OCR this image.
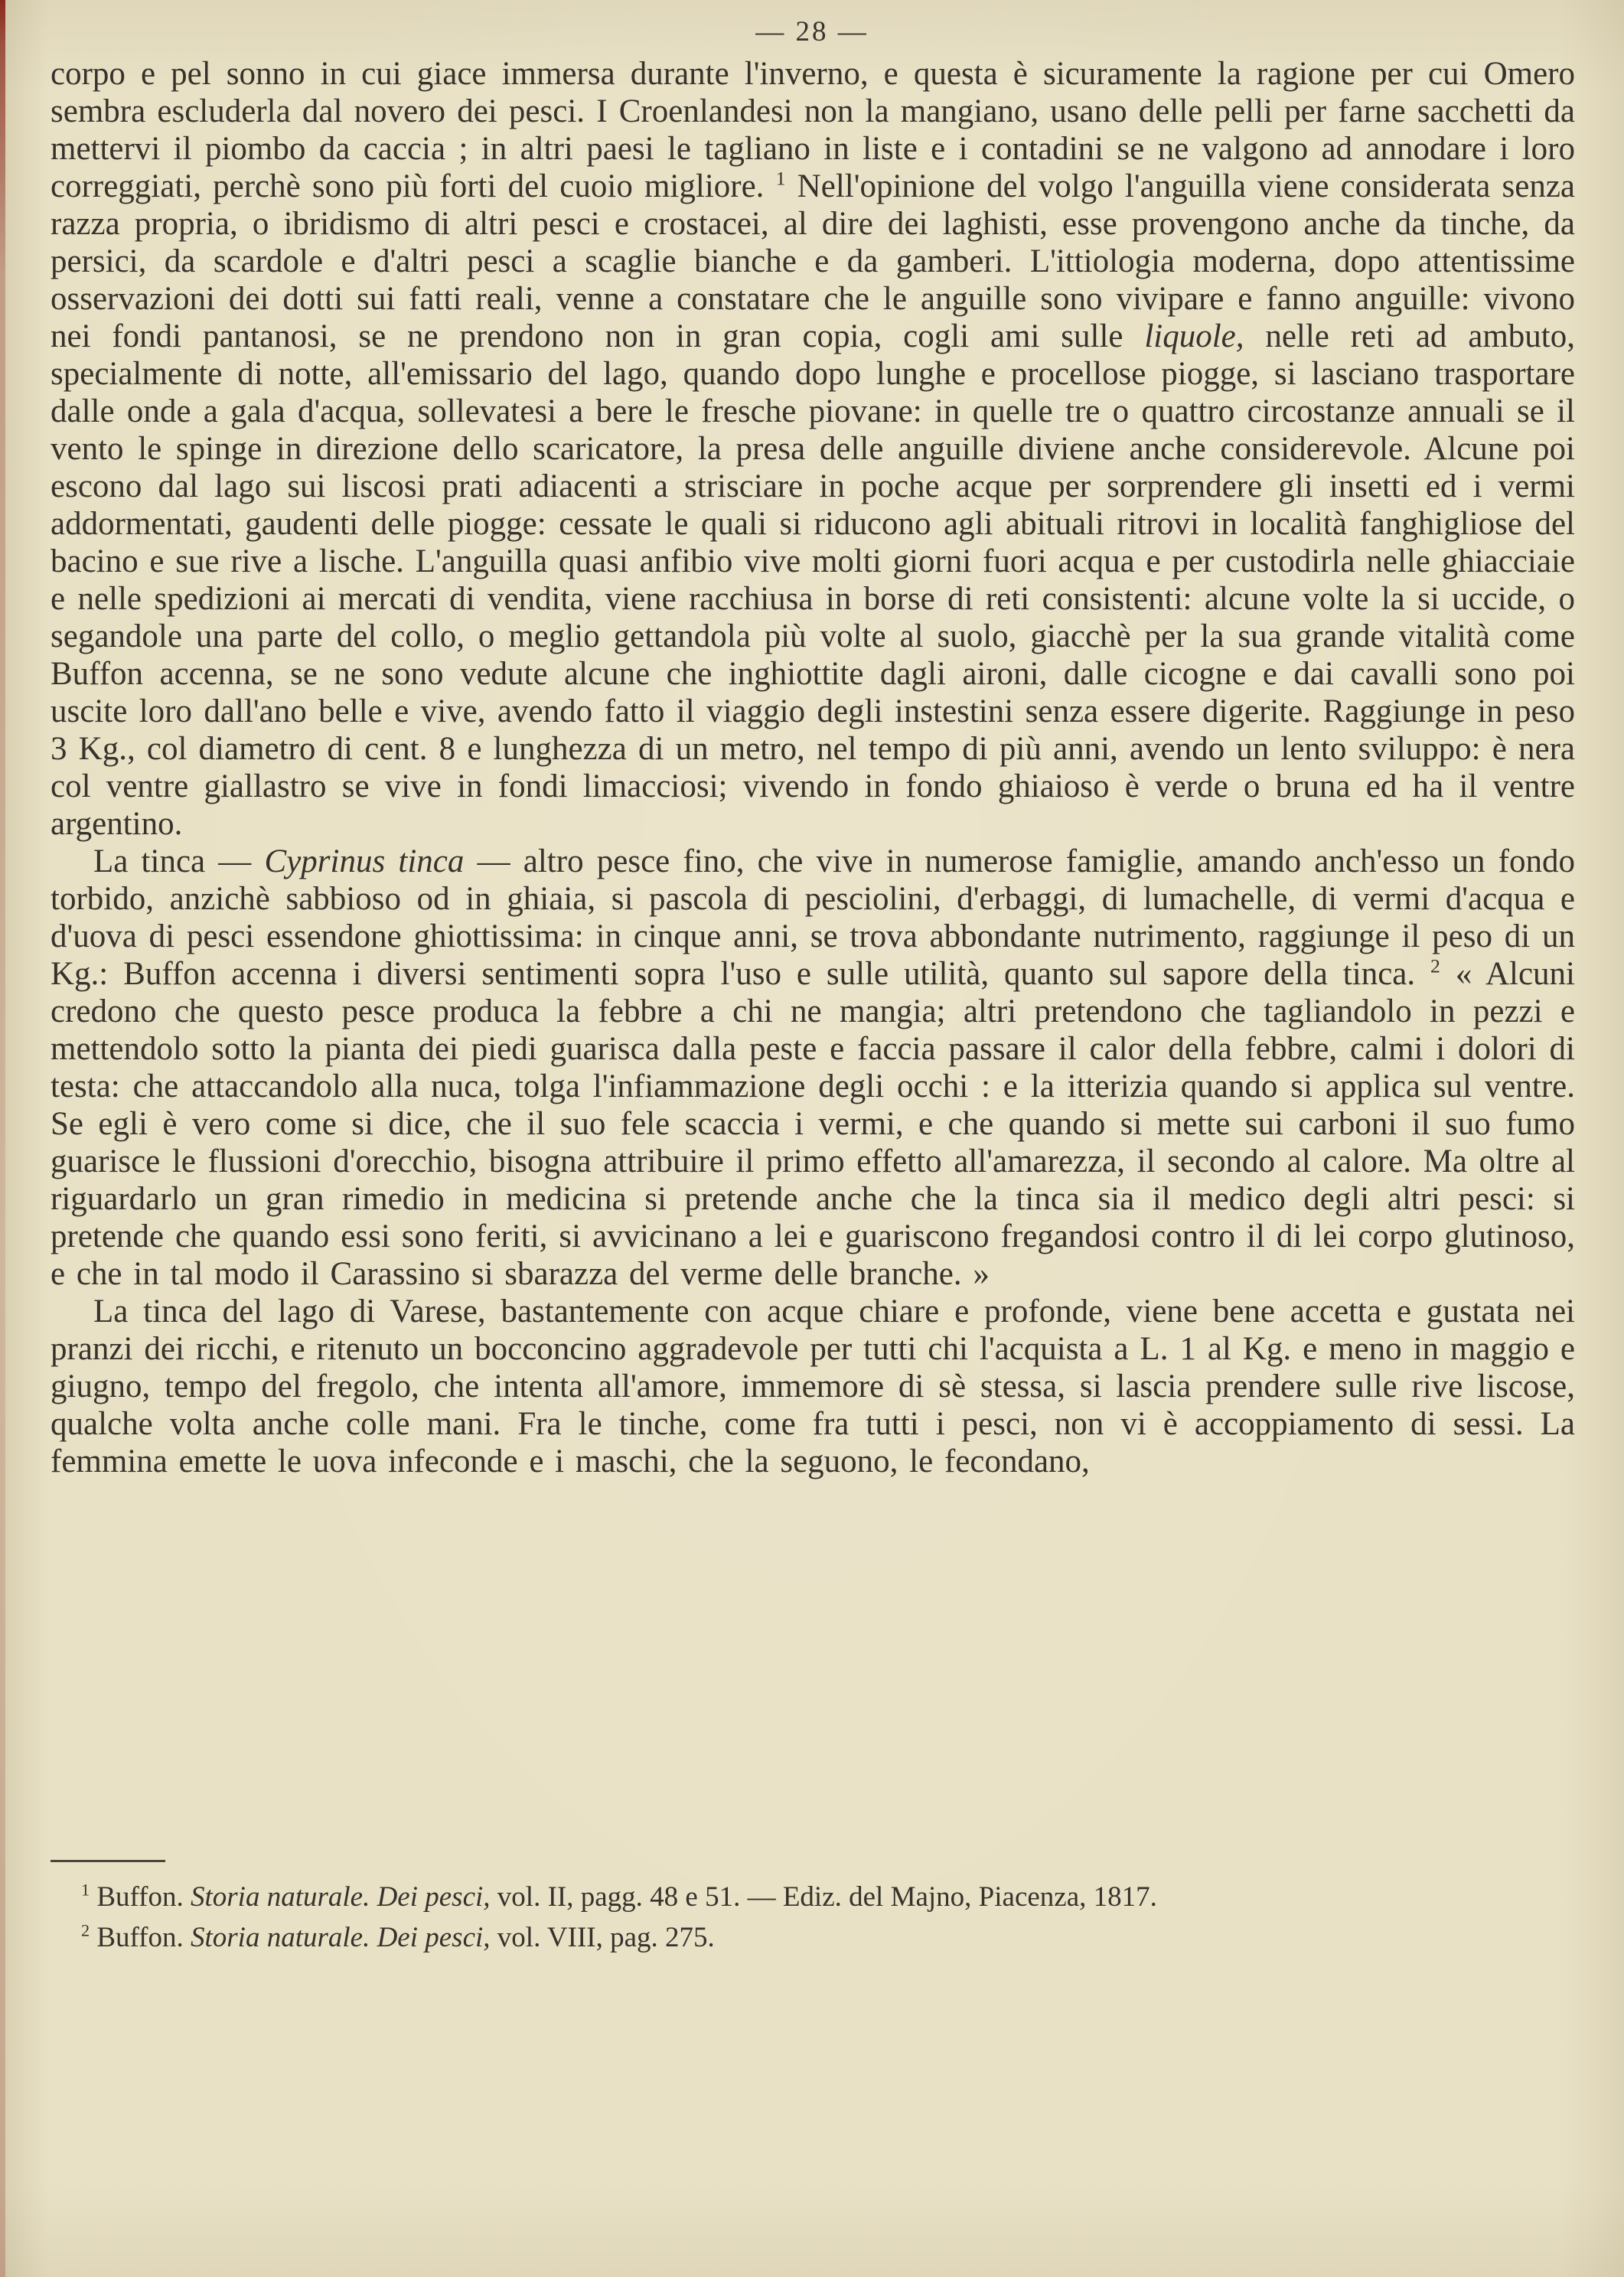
— 28 —

corpo e pel sonno in cui giace immersa durante l'inverno, e questa è sicuramente la ragione per cui Omero sembra escluderla dal novero dei pesci. I Croenlandesi non la mangiano, usano delle pelli per farne sacchetti da mettervi il piombo da caccia ; in altri paesi le tagliano in liste e i contadini se ne valgono ad annodare i loro correggiati, perchè sono più forti del cuoio migliore. $^1$ Nell'opinione del volgo l'anguilla viene considerata senza razza propria, o ibridismo di altri pesci e crostacei, al dire dei laghisti, esse provengono anche da tinche, da persici, da scardole e d'altri pesci a scaglie bianche e da gamberi. L'ittiologia moderna, dopo attentissime osservazioni dei dotti sui fatti reali, venne a constatare che le anguille sono vivipare e fanno anguille: vivono nei fondi pantanosi, se ne prendono non in gran copia, cogli ami sulle liquole, nelle reti ad ambuto, specialmente di notte, all'emissario del lago, quando dopo lunghe e procellose piogge, si lasciano trasportare dalle onde a gala d'acqua, sollevatesi a bere le fresche piovane: in quelle tre o quattro circostanze annuali se il vento le spinge in direzione dello scaricatore, la presa delle anguille diviene anche considerevole. Alcune poi escono dal lago sui liscosi prati adiacenti a strisciare in poche acque per sorprendere gli insetti ed i vermi addormentati, gaudenti delle piogge: cessate le quali si riducono agli abituali ritrovi in località fanghigliose del bacino e sue rive a lische. L'anguilla quasi anfibio vive molti giorni fuori acqua e per custodirla nelle ghiacciaie e nelle spedizioni ai mercati di vendita, viene racchiusa in borse di reti consistenti: alcune volte la si uccide, o segandole una parte del collo, o meglio gettandola più volte al suolo, giacchè per la sua grande vitalità come Buffon accenna, se ne sono vedute alcune che inghiottite dagli aironi, dalle cicogne e dai cavalli sono poi uscite loro dall'ano belle e vive, avendo fatto il viaggio degli instestini senza essere digerite. Raggiunge in peso 3 Kg., col diametro di cent. 8 e lunghezza di un metro, nel tempo di più anni, avendo un lento sviluppo: è nera col ventre giallastro se vive in fondi limacciosi; vivendo in fondo ghiaioso è verde o bruna ed ha il ventre argentino.

La tinca — Cyprinus tinca — altro pesce fino, che vive in numerose famiglie, amando anch'esso un fondo torbido, anzichè sabbioso od in ghiaia, si pascola di pesciolini, d'erbaggi, di lumachelle, di vermi d'acqua e d'uova di pesci essendone ghiottissima: in cinque anni, se trova abbondante nutrimento, raggiunge il peso di un Kg.: Buffon accenna i diversi sentimenti sopra l'uso e sulle utilità, quanto sul sapore della tinca. $^2$ « Alcuni credono che questo pesce produca la febbre a chi ne mangia; altri pretendono che tagliandolo in pezzi e mettendolo sotto la pianta dei piedi guarisca dalla peste e faccia passare il calor della febbre, calmi i dolori di testa: che attaccandolo alla nuca, tolga l'infiammazione degli occhi : e la itterizia quando si applica sul ventre. Se egli è vero come si dice, che il suo fele scaccia i vermi, e che quando si mette sui carboni il suo fumo guarisce le flussioni d'orecchio, bisogna attribuire il primo effetto all'amarezza, il secondo al calore. Ma oltre al riguardarlo un gran rimedio in medicina si pretende anche che la tinca sia il medico degli altri pesci: si pretende che quando essi sono feriti, si avvicinano a lei e guariscono fregandosi contro il di lei corpo glutinoso, e che in tal modo il Carassino si sbarazza del verme delle branche. »

La tinca del lago di Varese, bastantemente con acque chiare e profonde, viene bene accetta e gustata nei pranzi dei ricchi, e ritenuto un bocconcino aggradevole per tutti chi l'acquista a L. 1 al Kg. e meno in maggio e giugno, tempo del fregolo, che intenta all'amore, immemore di sè stessa, si lascia prendere sulle rive liscose, qualche volta anche colle mani. Fra le tinche, come fra tutti i pesci, non vi è accoppiamento di sessi. La femmina emette le uova infeconde e i maschi, che la seguono, le fecondano,

$^1$ Buffon. Storia naturale. Dei pesci, vol. II, pagg. 48 e 51. — Ediz. del Majno, Piacenza, 1817.

$^2$ Buffon. Storia naturale. Dei pesci, vol. VIII, pag. 275.
